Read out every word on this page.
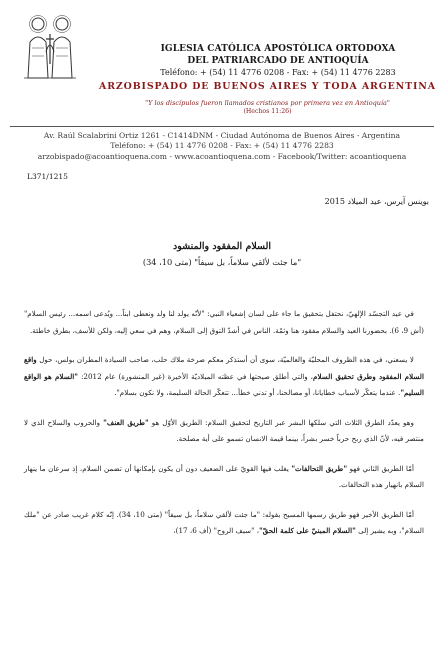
IGLESIA CATÓLICA APOSTÓLICA ORTODOXA
DEL PATRIARCADO DE ANTIOQUÍA
Teléfono: + (54) 11 4776 0208 - Fax: + (54) 11 4776 2283
ARZOBISPADO DE BUENOS AIRES Y TODA ARGENTINA
"Y los discípulos fueron llamados cristianos por primera vez en Antioquía"
(Hechos 11:26)
Av. Raúl Scalabrini Ortiz 1261 - C1414DNM - Ciudad Autónoma de Buenos Aires - Argentina
Teléfono: + (54) 11 4776 0208 - Fax: + (54) 11 4776 2283
arzobispado@acoantioquena.com - www.acoantioquena.com - Facebook/Twitter: acoantioquena
L371/1215
بوينس آيرس، عيد الميلاد 2015
السلام المفقود والمنشود
"ما جئت لألقي سلاماً، بل سيفاً" (متى 10، 34)

في عيد التجسّد الإلهيّ، نحتفل بتحقيق ما جاء على لسان إشعياء النبي: "لأنّه يولد لنا ولد ونعطى ابناً... ويُدعى اسمه... رئيس السلام" (أش 9، 6). بحضورنا العيد والسلام مفقود هنا وثمّة. الناس في أشدّ التوق إلى السلام، وهم في سعي إليه، ولكن للأسف، بطرق خاطئة.

لا يسعني، في هذه الظروف المحليّة والعالميّة، سوى أن أستذكر معكم صرخة ملاك حلب، صاحب السيادة المطران بولس، حول واقع السلام المفقود وطرق تحقيق السلام، والتي أطلق صيحتها في عظته الميلاديّة الأخيرة (غير المنشورة) عام 2012: "السلام هو الواقع السليم". عندما يتعكّر لأسباب خطايانا، أو مصالحنا، أو تدني خطأ... تتعكّر الحالة السليمة، ولا نكون بسلام".

وهو يعدّد الطرق الثلاث التي سلكها البشر عبر التاريخ لتحقيق السلام: الطريق الأوّل هو "طريق العنف" والحروب والسلاح الذي لا منتصر فيه، لأنّ الذي ربح حرباً خسر بشراً، بينما قيمة الانسان تسمو على أية مصلحة.

أمّا الطريق الثاني فهو "طريق التحالفات" يغلب فيها القويّ على الضعيف دون أن يكون بإمكانها أن تضمن السلام، إذ سرعان ما ينهار السلام بانهيار هذه التحالفات.

أمّا الطريق الأخير فهو طريق رسمها المسيح بقوله: "ما جئت لألقي سلاماً، بل سيفاً" (متى 10، 34). إنّه كلام غريب صادر عن "ملك السلام"، وبه يشير إلى "السلام المبنيّ على كلمة الحقّ"، "سيف الروح" (أف 6، 17)،
